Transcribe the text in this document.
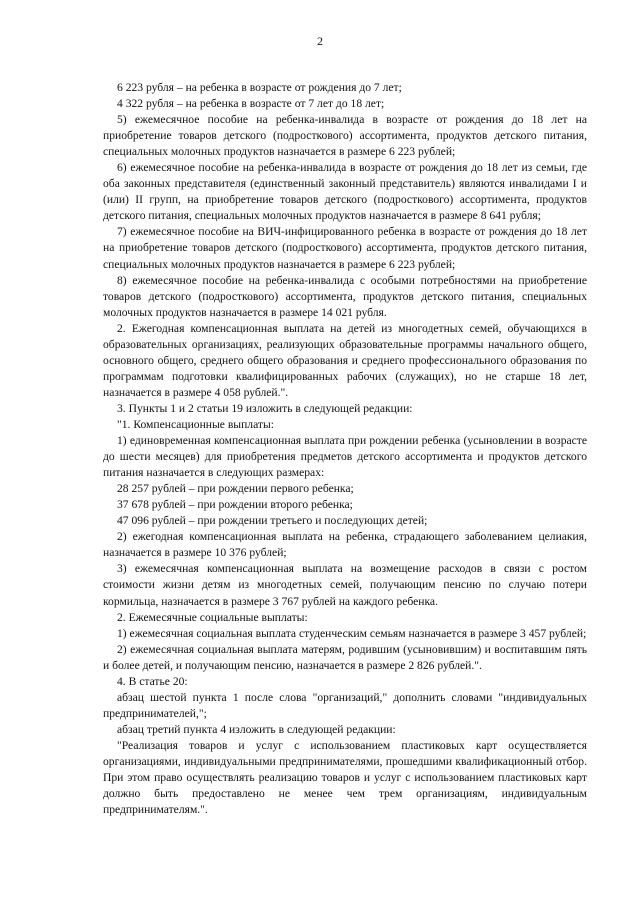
2

6 223 рубля – на ребенка в возрасте от рождения до 7 лет;

4 322 рубля – на ребенка в возрасте от 7 лет до 18 лет;

5) ежемесячное пособие на ребенка-инвалида в возрасте от рождения до 18 лет на приобретение товаров детского (подросткового) ассортимента, продуктов детского питания, специальных молочных продуктов назначается в размере 6 223 рублей;

6) ежемесячное пособие на ребенка-инвалида в возрасте от рождения до 18 лет из семьи, где оба законных представителя (единственный законный представитель) являются инвалидами I и (или) II групп, на приобретение товаров детского (подросткового) ассортимента, продуктов детского питания, специальных молочных продуктов назначается в размере 8 641 рубля;

7) ежемесячное пособие на ВИЧ-инфицированного ребенка в возрасте от рождения до 18 лет на приобретение товаров детского (подросткового) ассортимента, продуктов детского питания, специальных молочных продуктов назначается в размере 6 223 рублей;

8) ежемесячное пособие на ребенка-инвалида с особыми потребностями на приобретение товаров детского (подросткового) ассортимента, продуктов детского питания, специальных молочных продуктов назначается в размере 14 021 рубля.

2. Ежегодная компенсационная выплата на детей из многодетных семей, обучающихся в образовательных организациях, реализующих образовательные программы начального общего, основного общего, среднего общего образования и среднего профессионального образования по программам подготовки квалифицированных рабочих (служащих), но не старше 18 лет, назначается в размере 4 058 рублей.".

3. Пункты 1 и 2 статьи 19 изложить в следующей редакции:

"1. Компенсационные выплаты:

1) единовременная компенсационная выплата при рождении ребенка (усыновлении в возрасте до шести месяцев) для приобретения предметов детского ассортимента и продуктов детского питания назначается в следующих размерах:

28 257 рублей – при рождении первого ребенка;

37 678 рублей – при рождении второго ребенка;

47 096 рублей – при рождении третьего и последующих детей;

2) ежегодная компенсационная выплата на ребенка, страдающего заболеванием целиакия, назначается в размере 10 376 рублей;

3) ежемесячная компенсационная выплата на возмещение расходов в связи с ростом стоимости жизни детям из многодетных семей, получающим пенсию по случаю потери кормильца, назначается в размере 3 767 рублей на каждого ребенка.

2. Ежемесячные социальные выплаты:

1) ежемесячная социальная выплата студенческим семьям назначается в размере 3 457 рублей;

2) ежемесячная социальная выплата матерям, родившим (усыновившим) и воспитавшим пять и более детей, и получающим пенсию, назначается в размере 2 826 рублей.".

4. В статье 20:

абзац шестой пункта 1 после слова "организаций," дополнить словами "индивидуальных предпринимателей,";

абзац третий пункта 4 изложить в следующей редакции:

"Реализация товаров и услуг с использованием пластиковых карт осуществляется организациями, индивидуальными предпринимателями, прошедшими квалификационный отбор. При этом право осуществлять реализацию товаров и услуг с использованием пластиковых карт должно быть предоставлено не менее чем трем организациям, индивидуальным предпринимателям.".
